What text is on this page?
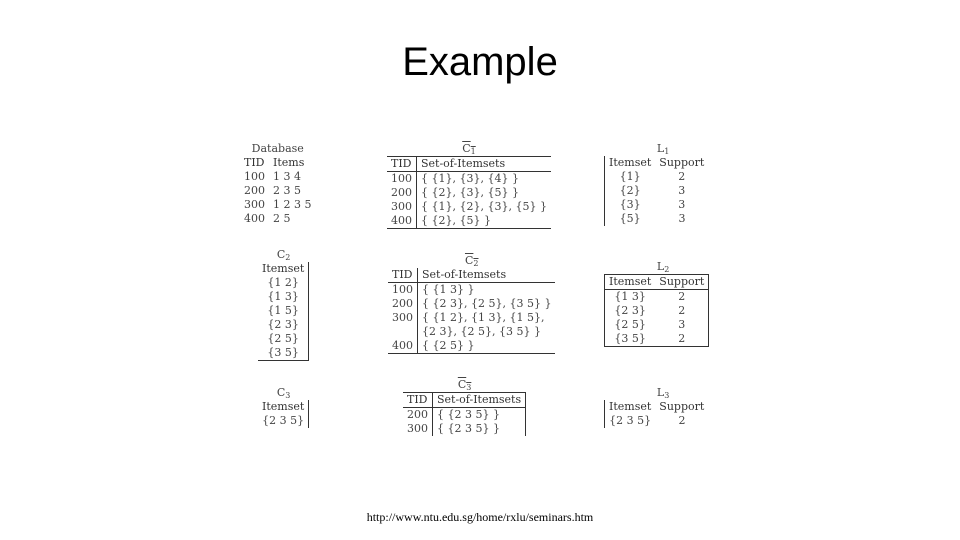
Example
Database
TID	Items
100	1 3 4
200	2 3 5
300	1 2 3 5
400	2 5
$C_1$
TID	Set-of-Itemsets
100	{ {1}, {3}, {4} }
200	{ {2}, {3}, {5} }
300	{ {1}, {2}, {3}, {5} }
400	{ {2}, {5} }
$L_1$
Itemset	Support
{1}	2
{2}	3
{3}	3
{5}	3
$C_2$
Itemset
{1 2}
{1 3}
{1 5}
{2 3}
{2 5}
{3 5}
$C_2$
TID	Set-of-Itemsets
100	{ {1 3} }
200	{ {2 3}, {2 5}, {3 5} }
300	{ {1 2}, {1 3}, {1 5},
	{2 3}, {2 5}, {3 5} }
400	{ {2 5} }
$L_2$
Itemset	Support
{1 3}	2
{2 3}	2
{2 5}	3
{3 5}	2
$C_3$
Itemset
{2 3 5}
$C_3$
TID	Set-of-Itemsets
200	{ {2 3 5} }
300	{ {2 3 5} }
$L_3$
Itemset	Support
{2 3 5}	2
http://www.ntu.edu.sg/home/rxlu/seminars.htm
